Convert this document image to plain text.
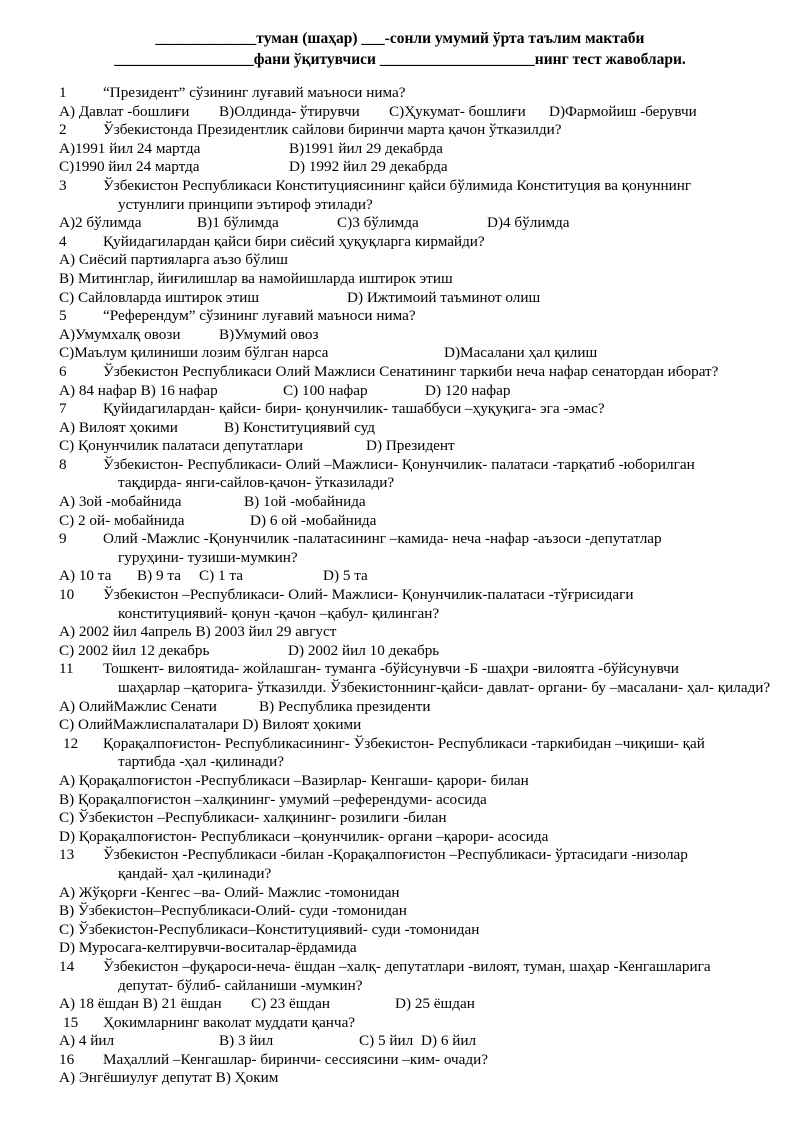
_____________туман (шаҳар) ___-сонли умумий ўрта таълим мактаби
__________________фани ўқитувчиси ____________________нинг тест жавоблари.
1 “Президент” сўзининг луғавий маъноси нима?
А) Давлат -бошлиғи В)Олдинда- ўтирувчи С)Ҳукумат- бошлиғи D)Фармойиш -берувчи
2 Ўзбекистонда Президентлик сайлови биринчи марта қачон ўтказилди?
А)1991 йил 24 мартда	В)1991 йил 29 декабрда
С)1990 йил 24 мартда	D) 1992 йил 29 декабрда
3 Ўзбекистон Республикаси Конституциясининг қайси бўлимида Конституция ва қонуннинг
устунлиги принципи эътироф этилади?
А)2 бўлимда	В)1 бўлимда	С)3 бўлимда	D)4 бўлимда
4 Қуйидагилардан қайси бири сиёсий ҳуқуқларга кирмайди?
А) Сиёсий партияларга аъзо бўлиш
В) Митинглар, йиғилишлар ва намойишларда иштирок этиш
С) Сайловларда иштирок этиш	D) Ижтимоий таъминот олиш
5 “Референдум” сўзининг луғавий маъноси нима?
А)Умумхалқ овози	В)Умумий овоз
С)Маълум қилиниши лозим бўлган нарса	D)Масалани ҳал қилиш
6 Ўзбекистон Республикаси Олий Мажлиси Сенатининг таркиби неча нафар сенатордан иборат?
А) 84 нафар В) 16 нафар	С) 100 нафар	D) 120 нафар
7 Қуйидагилардан- қайси- бири- қонунчилик- ташаббуси –ҳуқуқига- эга -эмас?
А) Вилоят ҳокими	В) Конституциявий суд
С) Қонунчилик палатаси депутатлари	D) Президент
8 Ўзбекистон- Республикаси- Олий –Мажлиси- Қонунчилик- палатаси -тарқатиб -юборилган
тақдирда- янги-сайлов-қачон- ўтказилади?
А) 3ой -мобайнида	В) 1ой -мобайнида
С) 2 ой- мобайнида	D) 6 ой -мобайнида
9 Олий -Мажлис -Қонунчилик -палатасининг –камида- неча -нафар -аъзоси -депутатлар
гуруҳини- тузиши-мумкин?
А) 10 та В) 9 та С) 1 та	D) 5 та
10 Ўзбекистон –Республикаси- Олий- Мажлиси- Қонунчилик-палатаси -тўғрисидаги
конституциявий- қонун -қачон –қабул- қилинган?
А) 2002 йил 4апрель В) 2003 йил 29 август
С) 2002 йил 12 декабрь	D) 2002 йил 10 декабрь
11 Тошкент- вилоятида- жойлашган- туманга -бўйсунувчи -Б -шаҳри -вилоятга -бўйсунувчи
шаҳарлар –қаторига- ўтказилди. Ўзбекистоннинг-қайси- давлат- органи- бу –масалани- ҳал- қилади?
А) ОлийМажлис Сенати	В) Республика президенти
С) ОлийМажлиспалаталари D) Вилоят ҳокими
12 Қорақалпоғистон- Республикасининг- Ўзбекистон- Республикаси -таркибидан –чиқиши- қай
тартибда -ҳал -қилинади?
А) Қорақалпоғистон -Республикаси –Вазирлар- Кенгаши- қарори- билан
В) Қорақалпоғистон –халқининг- умумий –референдуми- асосида
С) Ўзбекистон –Республикаси- халқининг- розилиги -билан
D) Қорақалпоғистон- Республикаси –қонунчилик- органи –қарори- асосида
13 Ўзбекистон -Республикаси -билан -Қорақалпоғистон –Республикаси- ўртасидаги -низолар
қандай- ҳал -қилинади?
А) Жўқорғи -Кенгес –ва- Олий- Мажлис -томонидан
В) Ўзбекистон–Республикаси-Олий- суди -томонидан
С) Ўзбекистон-Республикаси–Конституциявий- суди -томонидан
D) Муросага-келтирувчи-воситалар-ёрдамида
14 Ўзбекистон –фуқароси-неча- ёшдан –халқ- депутатлари -вилоят, туман, шаҳар -Кенгашларига
депутат- бўлиб- сайланиши -мумкин?
А) 18 ёшдан В) 21 ёшдан С) 23 ёшдан	D) 25 ёшдан
15 Ҳокимларнинг ваколат муддати қанча?
А) 4 йил	В) 3 йил	С) 5 йил D) 6 йил
16 Маҳаллий –Кенгашлар- биринчи- сессиясини –ким- очади?
А) Энгёшиулуғ депутат В) Ҳоким
